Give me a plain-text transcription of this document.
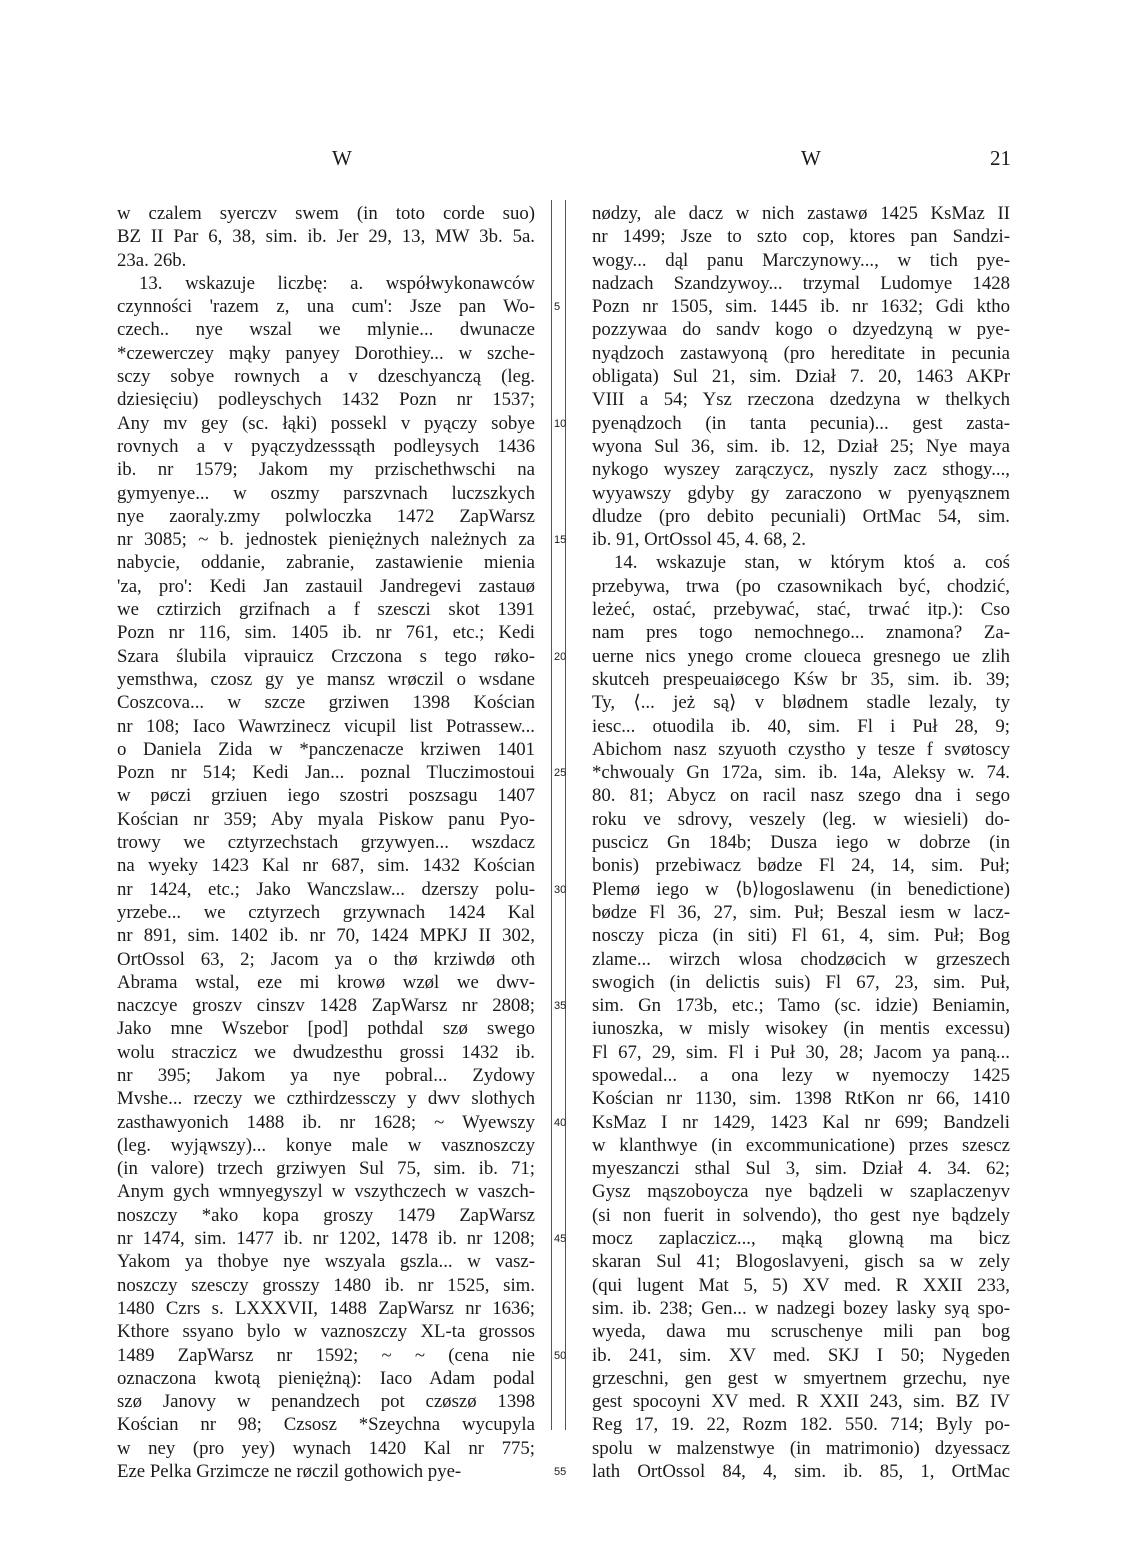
W	W	21
w czalem syerczv swem (in toto corde suo)
BZ II Par 6, 38, sim. ib. Jer 29, 13, MW 3b. 5a.
23a. 26b.
13. wskazuje liczbę: a. współwykonawców
czynności 'razem z, una cum': Jsze pan Wo-
czech.. nye wszal we mlynie... dwunacze
*czewerczey mąky panyey Dorothiey... w szche-
sczy sobye rownych a v dzeschyanczą (leg.
dziesięciu) podleyschych 1432 Pozn nr 1537;
Any mv gey (sc. łąki) possekl v pyączy sobye
rovnych a v pyączydzesssąth podleysych 1436
ib. nr 1579; Jakom my przischethwschi na
gymyenye... w oszmy parszvnach luczszkych
nye zaoraly.zmy polwloczka 1472 ZapWarsz
nr 3085; ~ b. jednostek pieniężnych należnych za
nabycie, oddanie, zabranie, zastawienie mienia
'za, pro': Kedi Jan zastauil Jandregevi zastauø
we cztirzich grzifnach a f szesczi skot 1391
Pozn nr 116, sim. 1405 ib. nr 761, etc.; Kedi
Szara ślubila viprauicz Crzczona s tego røko-
yemsthwa, czosz gy ye mansz wrøczil o wsdane
Coszcova... w szcze grziwen 1398 Kościan
nr 108; Iaco Wawrzinecz vicupil list Potrassew...
o Daniela Zida w *panczenacze krziwen 1401
Pozn nr 514; Kedi Jan... poznal Tluczimostoui
w pøczi grziuen iego szostri poszsagu 1407
Kościan nr 359; Aby myala Piskow panu Pyo-
trowy we cztyrzechstach grzywyen... wszdacz
na wyeky 1423 Kal nr 687, sim. 1432 Kościan
nr 1424, etc.; Jako Wanczslaw... dzerszy polu-
yrzebe... we cztyrzech grzywnach 1424 Kal
nr 891, sim. 1402 ib. nr 70, 1424 MPKJ II 302,
OrtOssol 63, 2; Jacom ya o thø krziwdø oth
Abrama wstal, eze mi krowø wzøl we dwv-
naczcye groszv cinszv 1428 ZapWarsz nr 2808;
Jako mne Wszebor [pod] pothdal szø swego
wolu straczicz we dwudzesthu grossi 1432 ib.
nr 395; Jakom ya nye pobral... Zydowy
Mvshe... rzeczy we czthirdzessczy y dwv slothych
zasthawyonich 1488 ib. nr 1628; ~ Wyewszy
(leg. wyjąwszy)... konye male w vasznoszczy
(in valore) trzech grziwyen Sul 75, sim. ib. 71;
Anym gych wmnyegyszyl w vszythczech w vaszch-
noszczy *ako kopa groszy 1479 ZapWarsz
nr 1474, sim. 1477 ib. nr 1202, 1478 ib. nr 1208;
Yakom ya thobye nye wszyala gszla... w vasz-
noszczy szesczy grosszy 1480 ib. nr 1525, sim.
1480 Czrs s. LXXXVII, 1488 ZapWarsz nr 1636;
Kthore ssyano bylo w vaznoszczy XL-ta grossos
1489 ZapWarsz nr 1592; ~ ~ (cena nie
oznaczona kwotą pieniężną): Iaco Adam podal
szø Janovy w penandzech pot czøszø 1398
Kościan nr 98; Czsosz *Szeychna wycupyla
w ney (pro yey) wynach 1420 Kal nr 775;
Eze Pelka Grzimcze ne røczil gothowich pye-
5
10
15
20
25
30
35
40
45
50
55
nødzy, ale dacz w nich zastawø 1425 KsMaz II
nr 1499; Jsze to szto cop, ktores pan Sandzi-
wogy... dąl panu Marczynowy..., w tich pye-
nadzach Szandzywoy... trzymal Ludomye 1428
Pozn nr 1505, sim. 1445 ib. nr 1632; Gdi ktho
pozzywaa do sandv kogo o dzyedzyną w pye-
nyądzoch zastawyoną (pro hereditate in pecunia
obligata) Sul 21, sim. Dział 7. 20, 1463 AKPr
VIII a 54; Ysz rzeczona dzedzyna w thelkych
pyenądzoch (in tanta pecunia)... gest zasta-
wyona Sul 36, sim. ib. 12, Dział 25; Nye maya
nykogo wyszey zarączycz, nyszly zacz sthogy...,
wyyawszy gdyby gy zaraczono w pyenyąsznem
dludze (pro debito pecuniali) OrtMac 54, sim.
ib. 91, OrtOssol 45, 4. 68, 2.
14. wskazuje stan, w którym ktoś a. coś
przebywa, trwa (po czasownikach być, chodzić,
leżeć, ostać, przebywać, stać, trwać itp.): Cso
nam pres togo nemochnego... znamona? Za-
uerne nics ynego crome cloueca gresnego ue zlih
skutceh prespeuaiøcego Kśw br 35, sim. ib. 39;
Ty, ⟨... jeż są⟩ v blødnem stadle lezaly, ty
iesc... otuodila ib. 40, sim. Fl i Puł 28, 9;
Abichom nasz szyuoth czystho y tesze f svøtoscy
*chwoualy Gn 172a, sim. ib. 14a, Aleksy w. 74.
80. 81; Abycz on racil nasz szego dna i sego
roku ve sdrovy, veszely (leg. w wiesieli) do-
puscicz Gn 184b; Dusza iego w dobrze (in
bonis) przebiwacz bødze Fl 24, 14, sim. Puł;
Plemø iego w ⟨b⟩logoslawenu (in benedictione)
bødze Fl 36, 27, sim. Puł; Beszal iesm w lacz-
nosczy picza (in siti) Fl 61, 4, sim. Puł; Bog
zlame... wirzch wlosa chodzøcich w grzeszech
swogich (in delictis suis) Fl 67, 23, sim. Puł,
sim. Gn 173b, etc.; Tamo (sc. idzie) Beniamin,
iunoszka, w misly wisokey (in mentis excessu)
Fl 67, 29, sim. Fl i Puł 30, 28; Jacom ya paną...
spowedal... a ona lezy w nyemoczy 1425
Kościan nr 1130, sim. 1398 RtKon nr 66, 1410
KsMaz I nr 1429, 1423 Kal nr 699; Bandzeli
w klanthwye (in excommunicatione) przes szescz
myeszanczi sthal Sul 3, sim. Dział 4. 34. 62;
Gysz mąszoboycza nye bądzeli w szaplaczenyv
(si non fuerit in solvendo), tho gest nye bądzely
mocz zaplaczicz..., mąką glowną ma bicz
skaran Sul 41; Blogoslavyeni, gisch sa w zely
(qui lugent Mat 5, 5) XV med. R XXII 233,
sim. ib. 238; Gen... w nadzegi bozey lasky syą spo-
wyeda, dawa mu scruschenye mili pan bog
ib. 241, sim. XV med. SKJ I 50; Nygeden
grzeschni, gen gest w smyertnem grzechu, nye
gest spocoyni XV med. R XXII 243, sim. BZ IV
Reg 17, 19. 22, Rozm 182. 550. 714; Byly po-
spolu w malzenstwye (in matrimonio) dzyessacz
lath OrtOssol 84, 4, sim. ib. 85, 1, OrtMac
